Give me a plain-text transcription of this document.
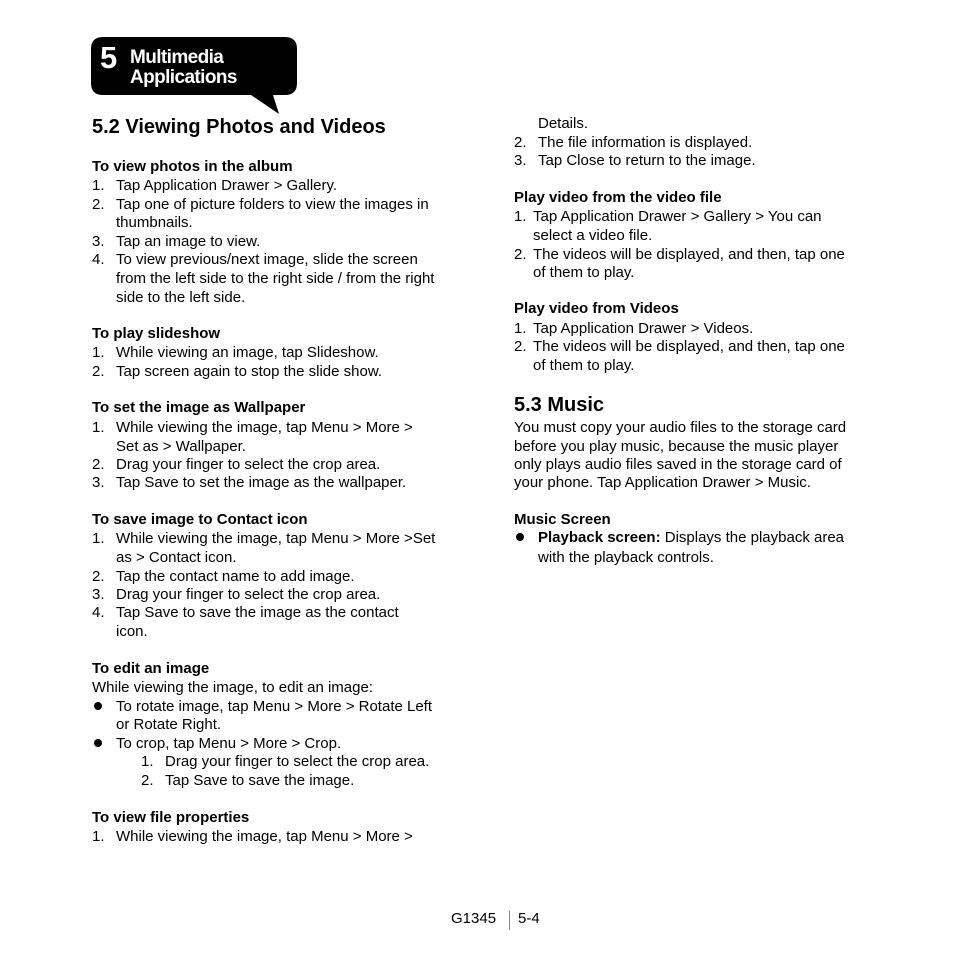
5 Multimedia
Applications
5.2 Viewing Photos and Videos
To view photos in the album
1. Tap Application Drawer > Gallery.
2. Tap one of picture folders to view the images in
thumbnails.
3. Tap an image to view.
4. To view previous/next image, slide the screen
from the left side to the right side / from the right
side to the left side.
To play slideshow
1. While viewing an image, tap Slideshow.
2. Tap screen again to stop the slide show.
To set the image as Wallpaper
1. While viewing the image, tap Menu > More >
Set as > Wallpaper.
2. Drag your finger to select the crop area.
3. Tap Save to set the image as the wallpaper.
To save image to Contact icon
1. While viewing the image, tap Menu > More >Set
as > Contact icon.
2. Tap the contact name to add image.
3. Drag your finger to select the crop area.
4. Tap Save to save the image as the contact
icon.
To edit an image
While viewing the image, to edit an image:
To rotate image, tap Menu > More > Rotate Left
or Rotate Right.
To crop, tap Menu > More > Crop.
1. Drag your finger to select the crop area.
2. Tap Save to save the image.
To view file properties
1. While viewing the image, tap Menu > More >
Details.
2. The file information is displayed.
3. Tap Close to return to the image.
Play video from the video file
1. Tap Application Drawer > Gallery > You can
select a video file.
2. The videos will be displayed, and then, tap one
of them to play.
Play video from Videos
1. Tap Application Drawer > Videos.
2. The videos will be displayed, and then, tap one
of them to play.
5.3 Music
You must copy your audio files to the storage card
before you play music, because the music player
only plays audio files saved in the storage card of
your phone. Tap Application Drawer > Music.
Music Screen
Playback screen: Displays the playback area
with the playback controls.
G1345 5-4
